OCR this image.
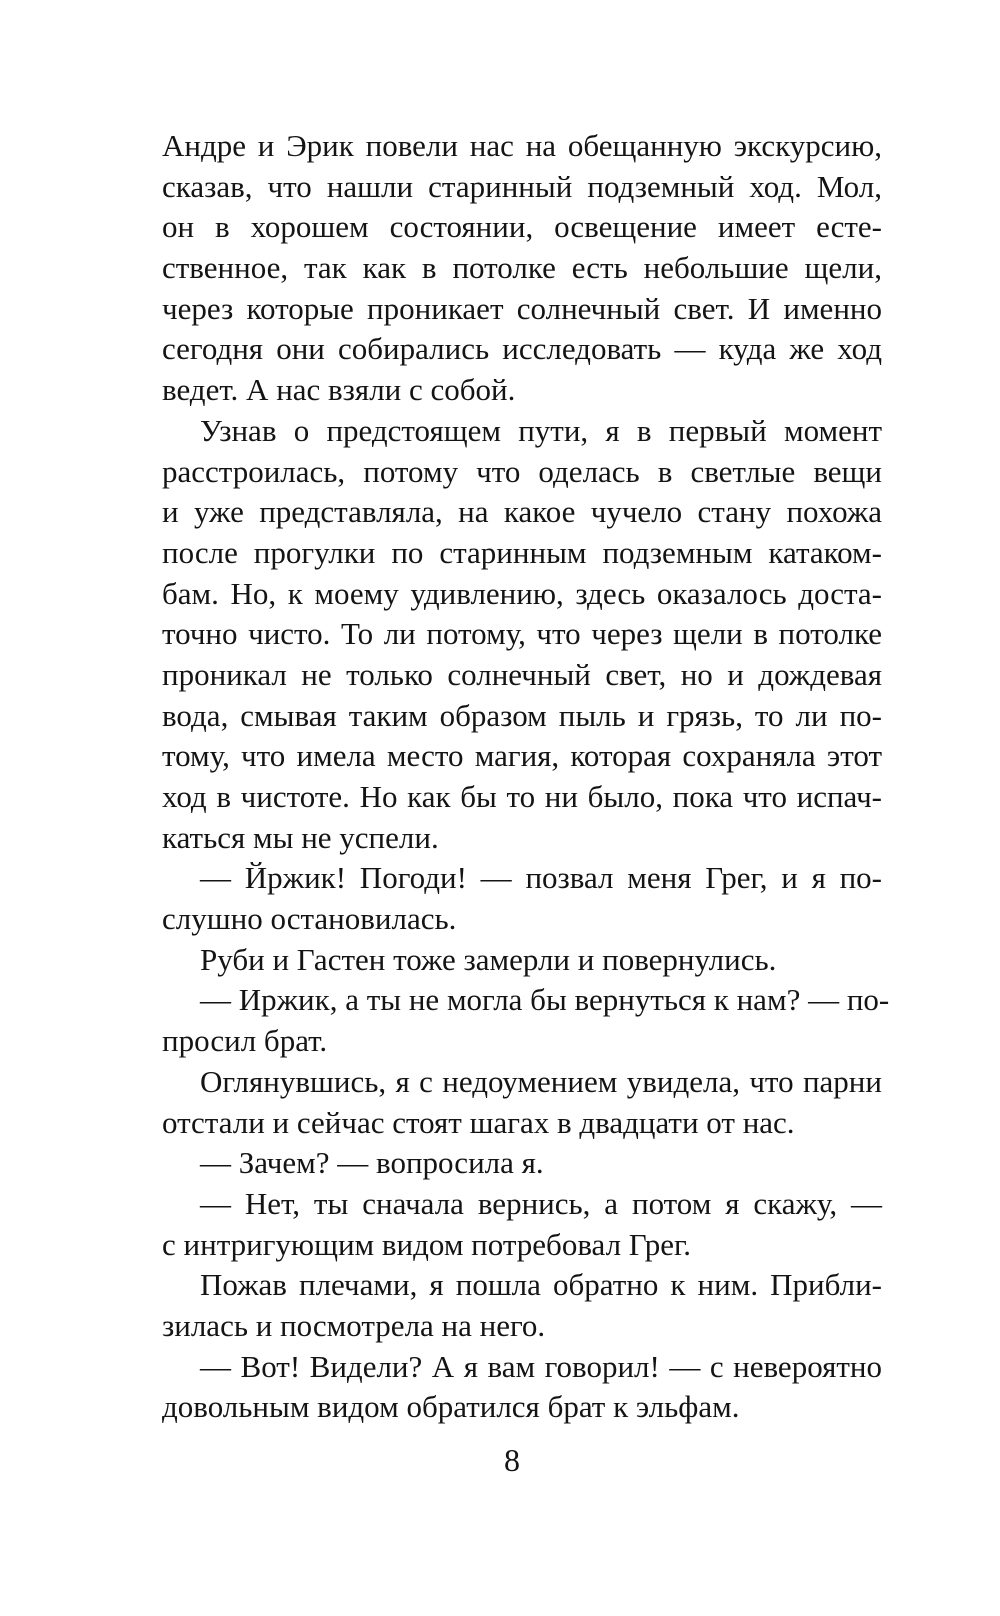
Андре и Эрик повели нас на обещанную экскурсию,
сказав, что нашли старинный подземный ход. Мол,
он в хорошем состоянии, освещение имеет есте-
ственное, так как в потолке есть небольшие щели,
через которые проникает солнечный свет. И именно
сегодня они собирались исследовать — куда же ход
ведет. А нас взяли с собой.
Узнав о предстоящем пути, я в первый момент
расстроилась, потому что оделась в светлые вещи
и уже представляла, на какое чучело стану похожа
после прогулки по старинным подземным катаком-
бам. Но, к моему удивлению, здесь оказалось доста-
точно чисто. То ли потому, что через щели в потолке
проникал не только солнечный свет, но и дождевая
вода, смывая таким образом пыль и грязь, то ли по-
тому, что имела место магия, которая сохраняла этот
ход в чистоте. Но как бы то ни было, пока что испач-
каться мы не успели.
— Йржик! Погоди! — позвал меня Грег, и я по-
слушно остановилась.
Руби и Гастен тоже замерли и повернулись.
— Иржик, а ты не могла бы вернуться к нам? — по-
просил брат.
Оглянувшись, я с недоумением увидела, что парни
отстали и сейчас стоят шагах в двадцати от нас.
— Зачем? — вопросила я.
— Нет, ты сначала вернись, а потом я скажу, —
с интригующим видом потребовал Грег.
Пожав плечами, я пошла обратно к ним. Прибли-
зилась и посмотрела на него.
— Вот! Видели? А я вам говорил! — с невероятно
довольным видом обратился брат к эльфам.
8
